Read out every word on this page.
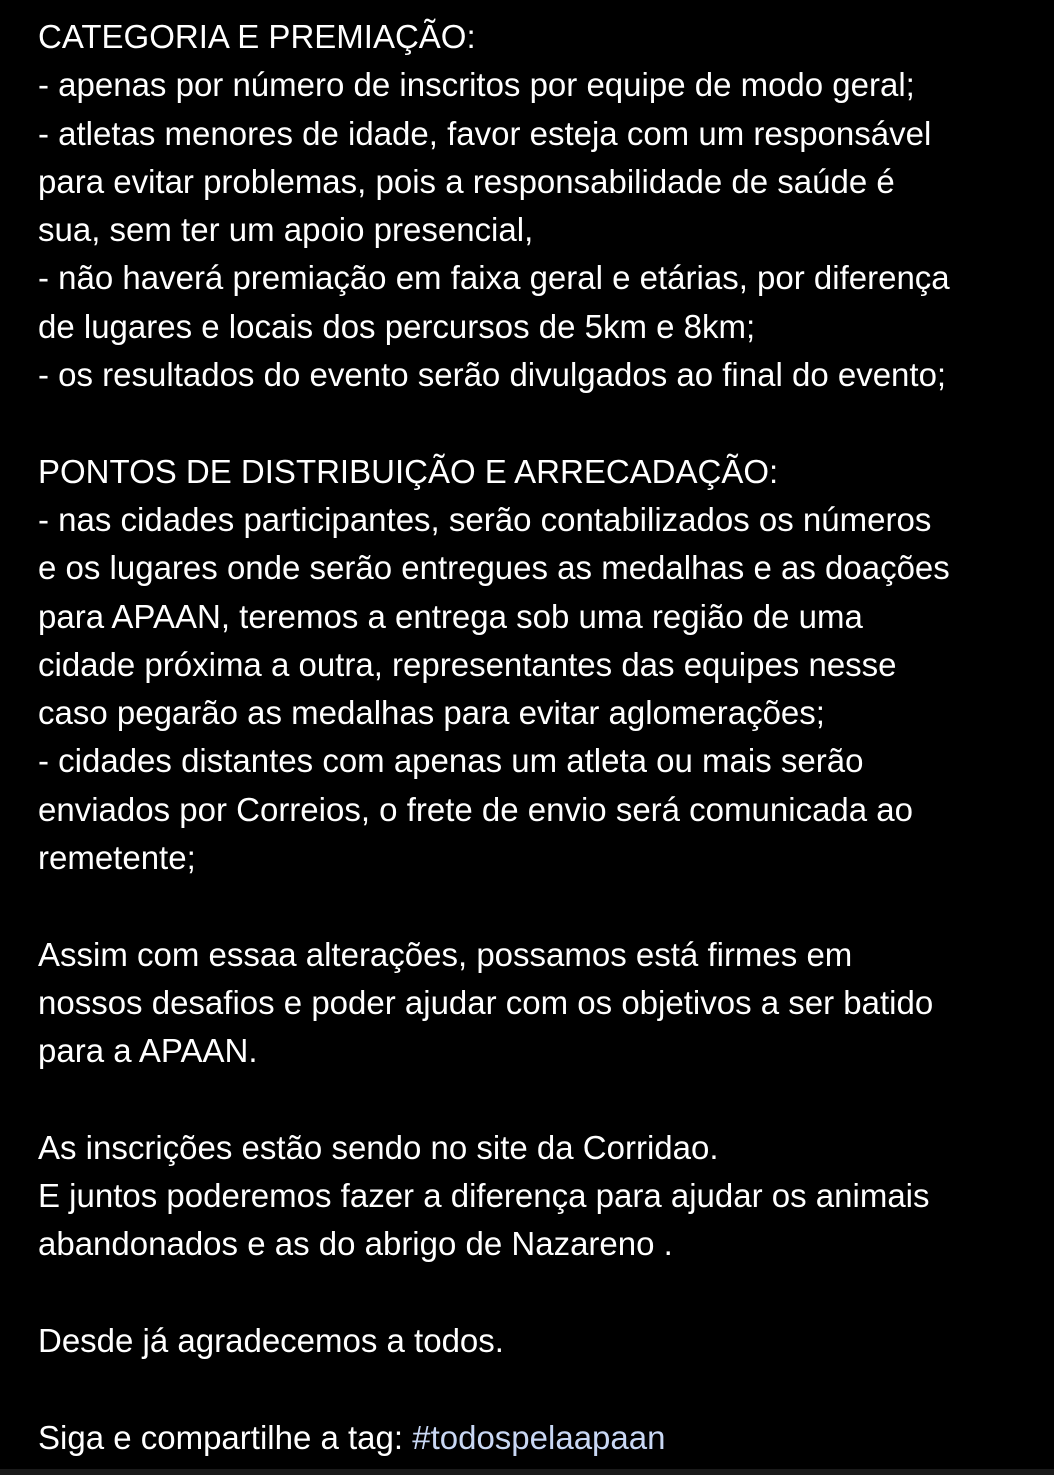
CATEGORIA E PREMIAÇÃO:
- apenas por número de inscritos por equipe de modo geral;
- atletas menores de idade, favor esteja com um responsável
para evitar problemas, pois a responsabilidade de saúde é
sua, sem ter um apoio presencial,
- não haverá premiação em faixa geral e etárias, por diferença
de lugares e locais dos percursos de 5km e 8km;
- os resultados do evento serão divulgados ao final do evento;
PONTOS DE DISTRIBUIÇÃO E ARRECADAÇÃO:
- nas cidades participantes, serão contabilizados os números
e os lugares onde serão entregues as medalhas e as doações
para APAAN, teremos a entrega sob uma região de uma
cidade próxima a outra, representantes das equipes nesse
caso pegarão as medalhas para evitar aglomerações;
- cidades distantes com apenas um atleta ou mais serão
enviados por Correios, o frete de envio será comunicada ao
remetente;
Assim com essaa alterações, possamos está firmes em
nossos desafios e poder ajudar com os objetivos a ser batido
para a APAAN.
As inscrições estão sendo no site da Corridao.
E juntos poderemos fazer a diferença para ajudar os animais
abandonados e as do abrigo de Nazareno .
Desde já agradecemos a todos.
Siga e compartilhe a tag: #todospelaapaan
